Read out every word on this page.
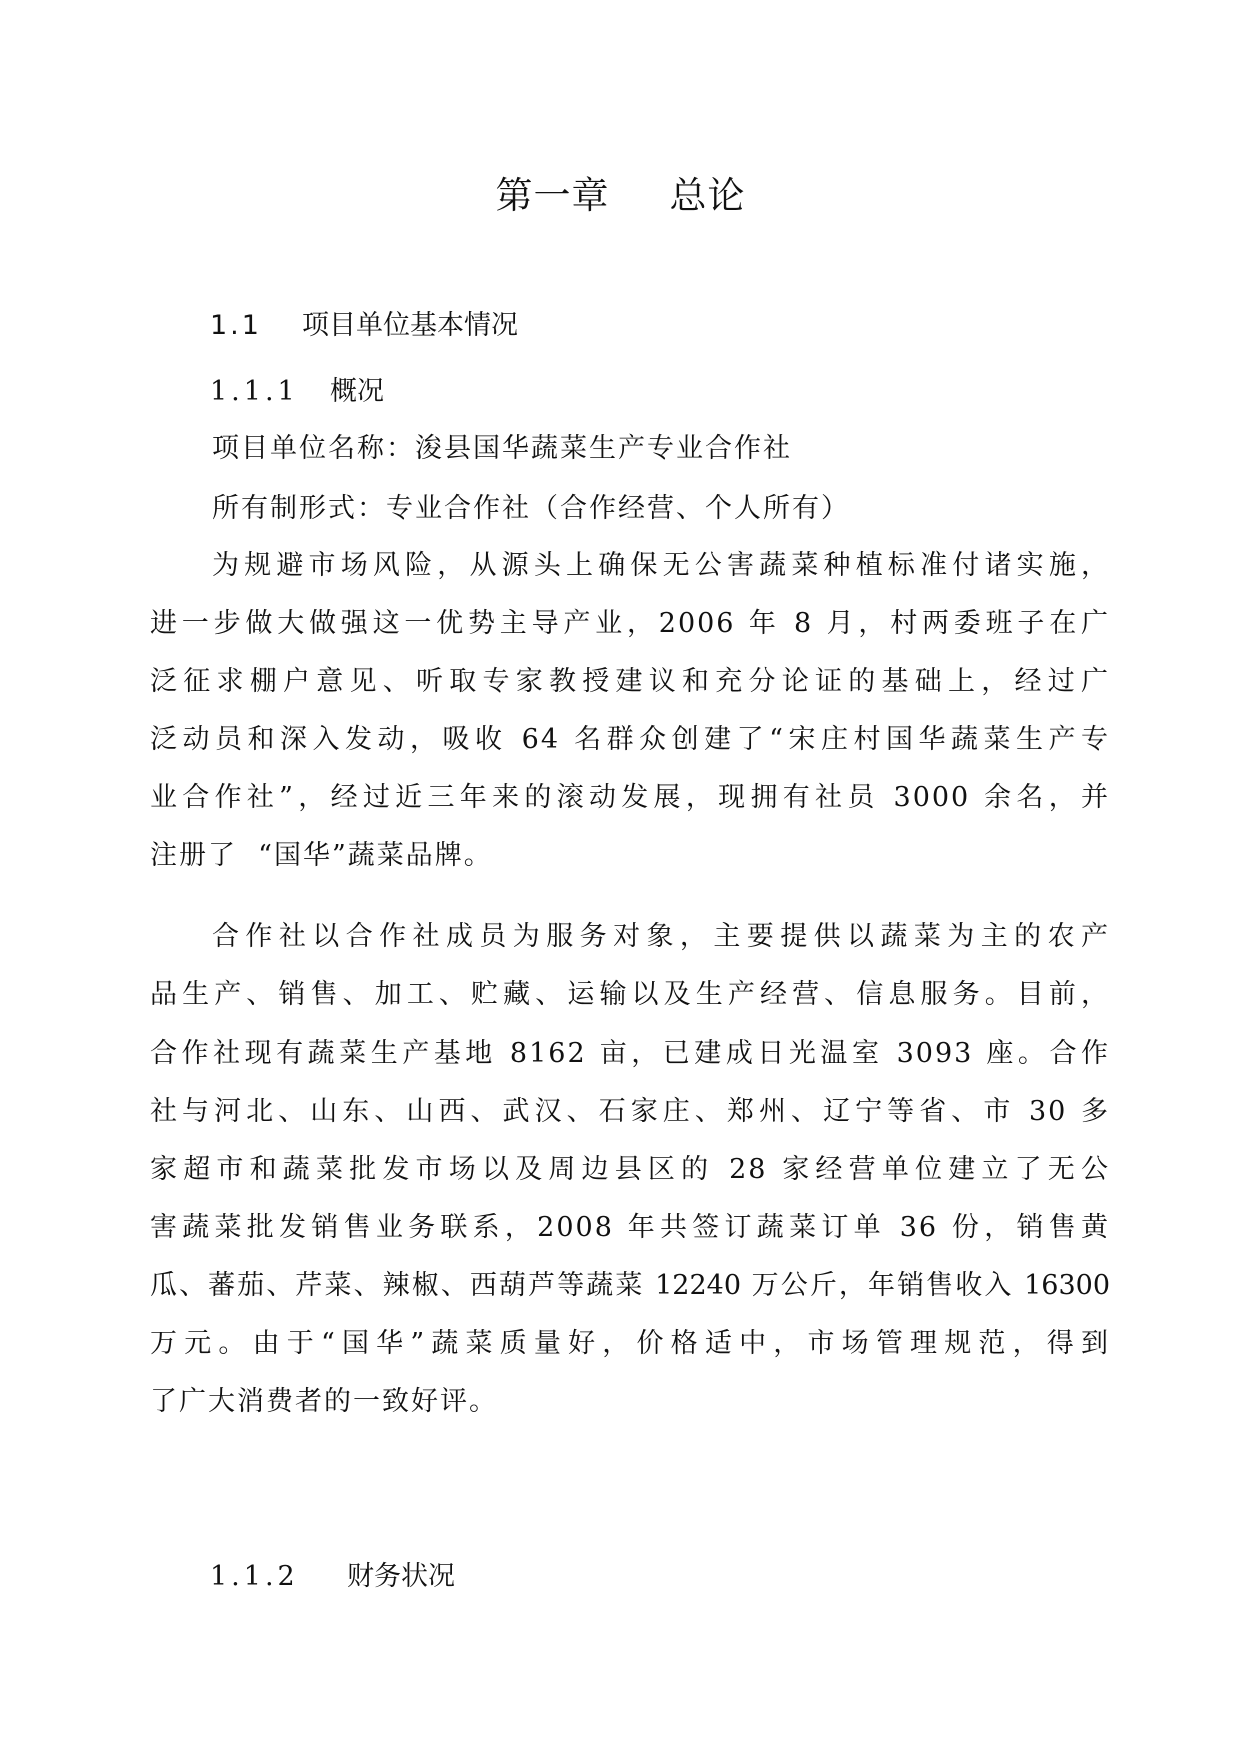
第一章 总论
1.1 项目单位基本情况
1.1.1 概况
项目单位名称：浚县国华蔬菜生产专业合作社
所有制形式：专业合作社（合作经营、个人所有）
为规避市场风险，从源头上确保无公害蔬菜种植标准付诸实施，
进一步做大做强这一优势主导产业，2006 年 8 月，村两委班子在广
泛征求棚户意见、听取专家教授建议和充分论证的基础上，经过广
泛动员和深入发动，吸收 64 名群众创建了“宋庄村国华蔬菜生产专
业合作社”，经过近三年来的滚动发展，现拥有社员 3000 余名，并
注册了  “国华”蔬菜品牌。
合作社以合作社成员为服务对象，主要提供以蔬菜为主的农产
品生产、销售、加工、贮藏、运输以及生产经营、信息服务。目前，
合作社现有蔬菜生产基地 8162 亩，已建成日光温室 3093 座。合作
社与河北、山东、山西、武汉、石家庄、郑州、辽宁等省、市 30 多
家超市和蔬菜批发市场以及周边县区的 28 家经营单位建立了无公
害蔬菜批发销售业务联系，2008 年共签订蔬菜订单 36 份，销售黄
瓜、蕃茄、芹菜、辣椒、西葫芦等蔬菜 12240 万公斤，年销售收入 16300
万元。由于“国华”蔬菜质量好，价格适中，市场管理规范，得到
了广大消费者的一致好评。
1.1.2 财务状况
